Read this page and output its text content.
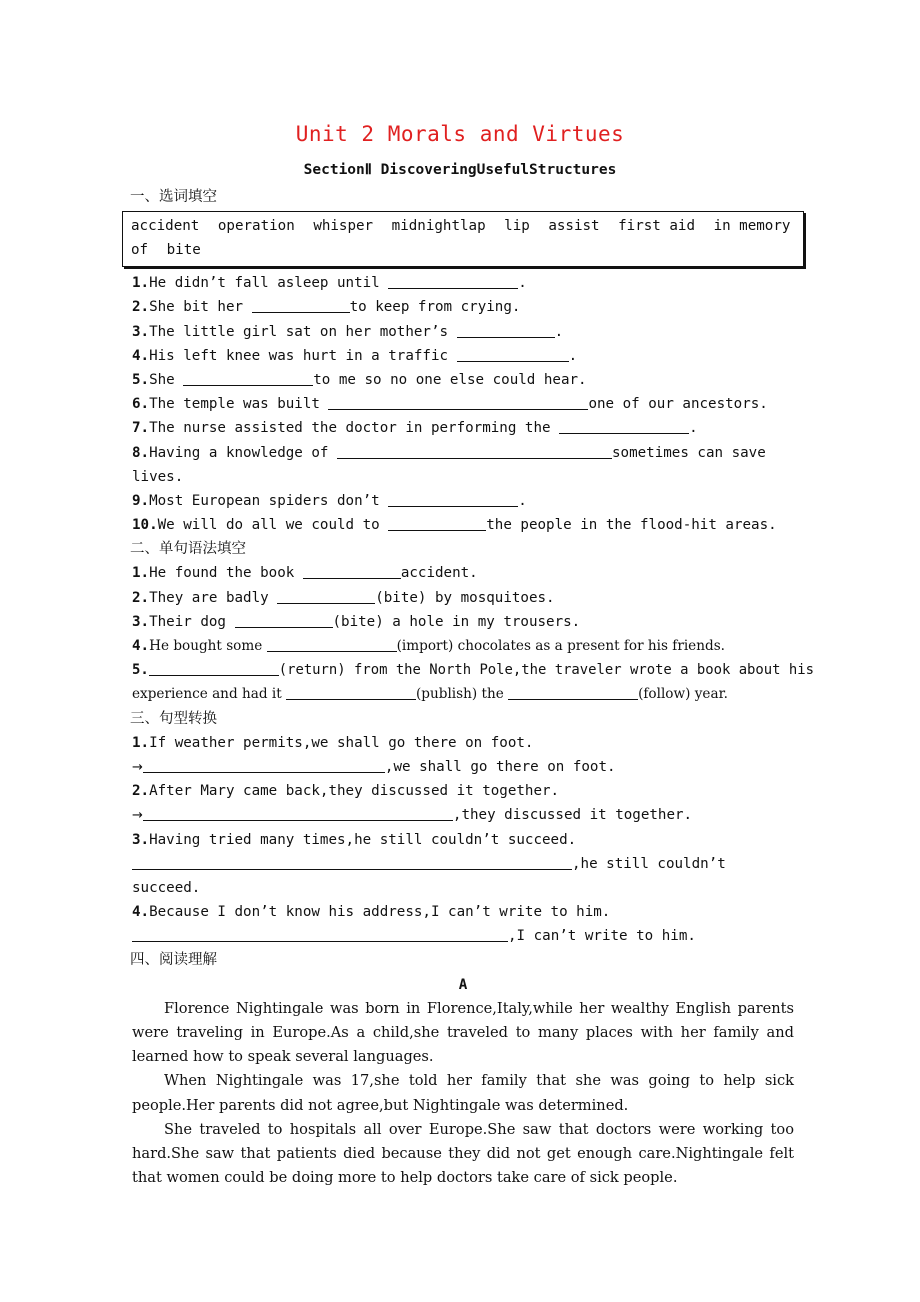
Unit 2 Morals and Virtues
SectionⅡ DiscoveringUsefulStructures
一、选词填空
accident operation whisper midnightlap lip assist first aid in memory of bite
1.He didn’t fall asleep until	.
2.She bit her	to keep from crying.
3.The little girl sat on her mother’s	.
4.His left knee was hurt in a traffic	.
5.She	to me so no one else could hear.
6.The temple was built	one of our ancestors.
7.The nurse assisted the doctor in performing the	.
8.Having a knowledge of	sometimes can save
lives.
9.Most European spiders don’t	.
10.We will do all we could to	the people in the flood-hit areas.
二、单句语法填空
1.He found the book	accident.
2.They are badly	(bite) by mosquitoes.
3.Their dog	(bite) a hole in my trousers.
4.He bought some	(import) chocolates as a present for his friends.
5.	(return) from the North Pole,the traveler wrote a book about his
experience and had it	(publish) the	(follow) year.
三、句型转换
1.If weather permits,we shall go there on foot.
→	,we shall go there on foot.
2.After Mary came back,they discussed it together.
→	,they discussed it together.
3.Having tried many times,he still couldn’t succeed.
,he still couldn’t
succeed.
4.Because I don’t know his address,I can’t write to him.
,I can’t write to him.
四、阅读理解
A
Florence Nightingale was born in Florence,Italy,while her wealthy English parents were traveling in Europe.As a child,she traveled to many places with her family and learned how to speak several languages.
When Nightingale was 17,she told her family that she was going to help sick people.Her parents did not agree,but Nightingale was determined.
She traveled to hospitals all over Europe.She saw that doctors were working too hard.She saw that patients died because they did not get enough care.Nightingale felt that women could be doing more to help doctors take care of sick people.
